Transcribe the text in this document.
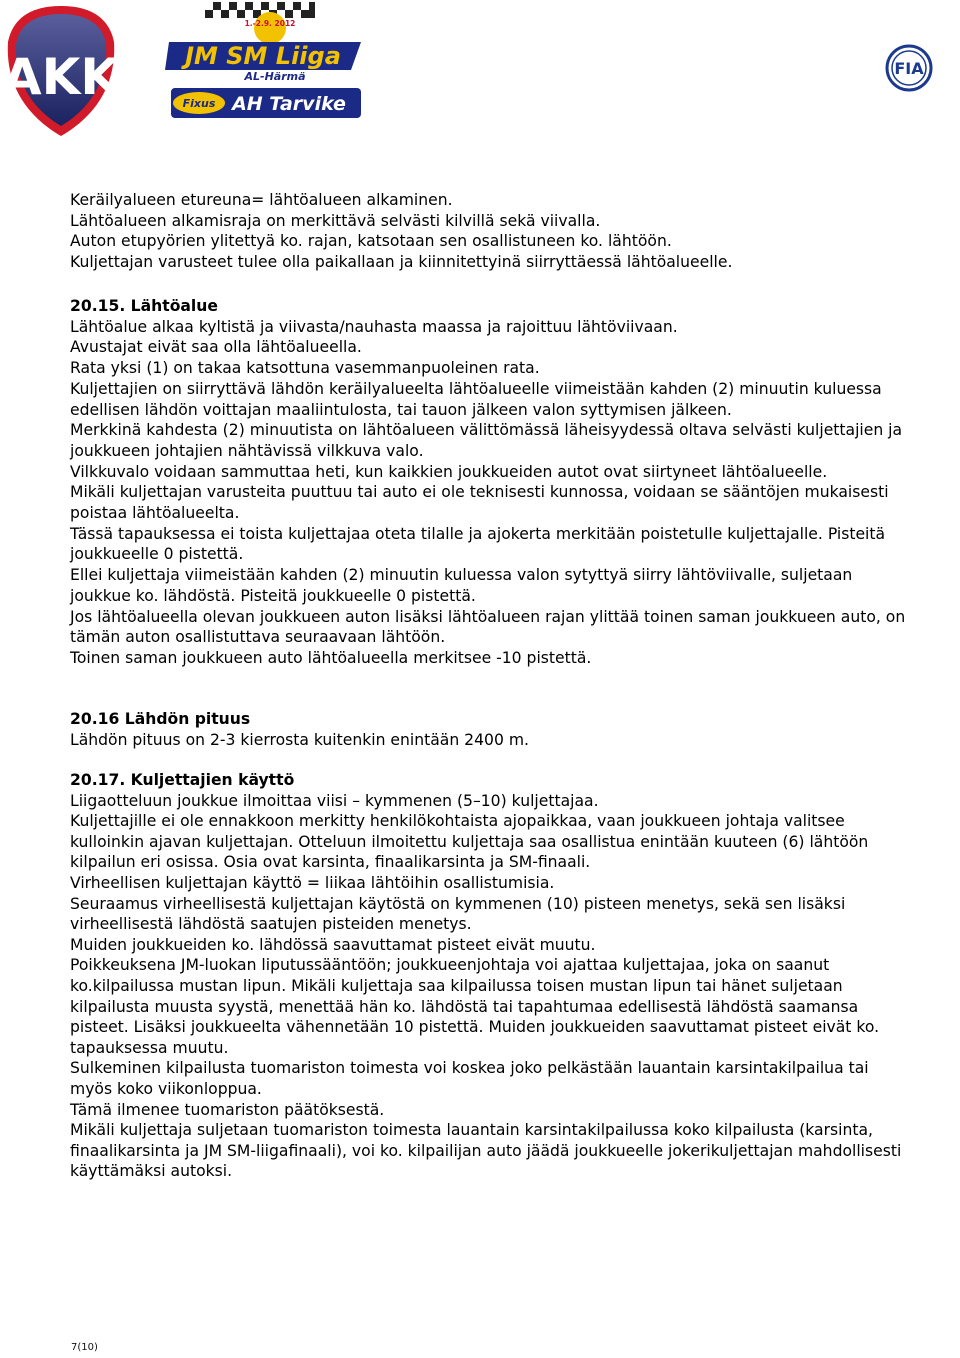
AKK
1.-2.9. 2012
JM SM Liiga
AL-Härmä
Fixus AH Tarvike
FIA

Keräilyalueen etureuna= lähtöalueen alkaminen.

Lähtöalueen alkamisraja on merkittävä selvästi kilvillä sekä viivalla.

Auton etupyörien ylitettyä ko. rajan, katsotaan sen osallistuneen ko. lähtöön.

Kuljettajan varusteet tulee olla paikallaan ja kiinnitettyinä siirryttäessä lähtöalueelle.

20.15. Lähtöalue

Lähtöalue alkaa kyltistä ja viivasta/nauhasta maassa ja rajoittuu lähtöviivaan.

Avustajat eivät saa olla lähtöalueella.

Rata yksi (1) on takaa katsottuna vasemmanpuoleinen rata.

Kuljettajien on siirryttävä lähdön keräilyalueelta lähtöalueelle viimeistään kahden (2) minuutin kuluessa edellisen lähdön voittajan maaliintulosta, tai tauon jälkeen valon syttymisen jälkeen.

Merkkinä kahdesta (2) minuutista on lähtöalueen välittömässä läheisyydessä oltava selvästi kuljettajien ja joukkueen johtajien nähtävissä vilkkuva valo.

Vilkkuvalo voidaan sammuttaa heti, kun kaikkien joukkueiden autot ovat siirtyneet lähtöalueelle.

Mikäli kuljettajan varusteita puuttuu tai auto ei ole teknisesti kunnossa, voidaan se sääntöjen mukaisesti poistaa lähtöalueelta.

Tässä tapauksessa ei toista kuljettajaa oteta tilalle ja ajokerta merkitään poistetulle kuljettajalle. Pisteitä joukkueelle 0 pistettä.

Ellei kuljettaja viimeistään kahden (2) minuutin kuluessa valon sytyttyä siirry lähtöviivalle, suljetaan joukkue ko. lähdöstä. Pisteitä joukkueelle 0 pistettä.

Jos lähtöalueella olevan joukkueen auton lisäksi lähtöalueen rajan ylittää toinen saman joukkueen auto, on tämän auton osallistuttava seuraavaan lähtöön.

Toinen saman joukkueen auto lähtöalueella merkitsee -10 pistettä.

20.16 Lähdön pituus

Lähdön pituus on 2-3 kierrosta kuitenkin enintään 2400 m.

20.17. Kuljettajien käyttö

Liigaotteluun joukkue ilmoittaa viisi – kymmenen (5–10) kuljettajaa.

Kuljettajille ei ole ennakkoon merkitty henkilökohtaista ajopaikkaa, vaan joukkueen johtaja valitsee kulloinkin ajavan kuljettajan. Otteluun ilmoitettu kuljettaja saa osallistua enintään kuuteen (6) lähtöön kilpailun eri osissa. Osia ovat karsinta, finaalikarsinta ja SM-finaali.

Virheellisen kuljettajan käyttö = liikaa lähtöihin osallistumisia.

Seuraamus virheellisestä kuljettajan käytöstä on kymmenen (10) pisteen menetys, sekä sen lisäksi virheellisestä lähdöstä saatujen pisteiden menetys.

Muiden joukkueiden ko. lähdössä saavuttamat pisteet eivät muutu.

Poikkeuksena JM-luokan liputussääntöön; joukkueenjohtaja voi ajattaa kuljettajaa, joka on saanut ko.kilpailussa mustan lipun. Mikäli kuljettaja saa kilpailussa toisen mustan lipun tai hänet suljetaan kilpailusta muusta syystä, menettää hän ko. lähdöstä tai tapahtumaa edellisestä lähdöstä saamansa pisteet. Lisäksi joukkueelta vähennetään 10 pistettä. Muiden joukkueiden saavuttamat pisteet eivät ko. tapauksessa muutu.

Sulkeminen kilpailusta tuomariston toimesta voi koskea joko pelkästään lauantain karsintakilpailua tai myös koko viikonloppua.

Tämä ilmenee tuomariston päätöksestä.

Mikäli kuljettaja suljetaan tuomariston toimesta lauantain karsintakilpailussa koko kilpailusta (karsinta, finaalikarsinta ja JM SM-liigafinaali), voi ko. kilpailijan auto jäädä joukkueelle jokerikuljettajan mahdollisesti käyttämäksi autoksi.

7(10)
